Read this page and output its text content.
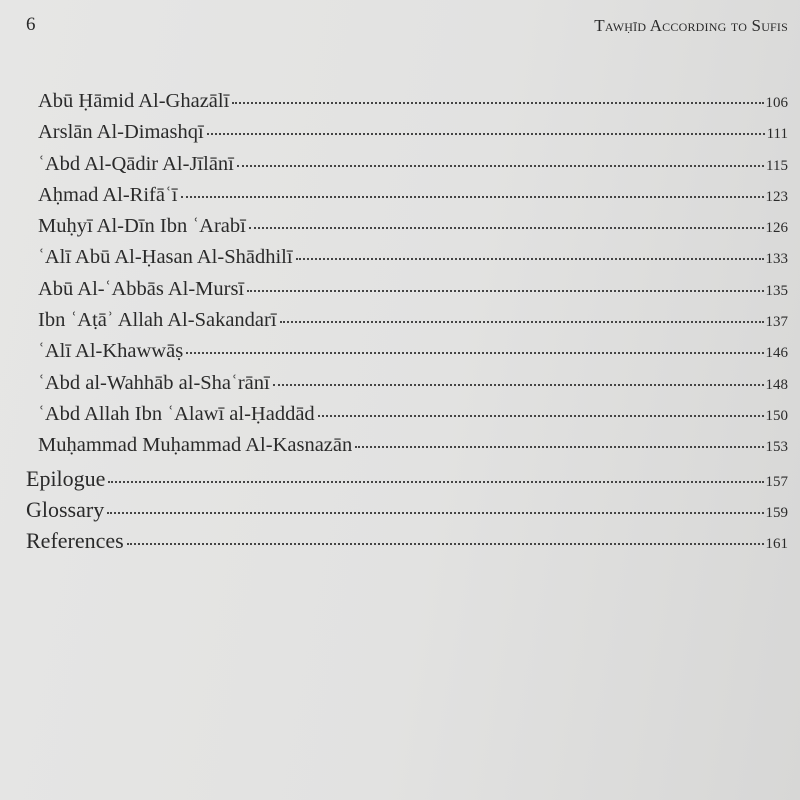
6	Tawḥīd According to Sufis
Abū Ḥāmid Al-Ghazālī	106
Arslān Al-Dimashqī	111
ʿAbd Al-Qādir Al-Jīlānī	115
Aḥmad Al-Rifāʿī	123
Muḥyī Al-Dīn Ibn ʿArabī	126
ʿAlī Abū Al-Ḥasan Al-Shādhilī	133
Abū Al-ʿAbbās Al-Mursī	135
Ibn ʿAṭāʾ Allah Al-Sakandarī	137
ʿAlī Al-Khawwāṣ	146
ʿAbd al-Wahhāb al-Shaʿrānī	148
ʿAbd Allah Ibn ʿAlawī al-Ḥaddād	150
Muḥammad Muḥammad Al-Kasnazān	153
Epilogue	157
Glossary	159
References	161
